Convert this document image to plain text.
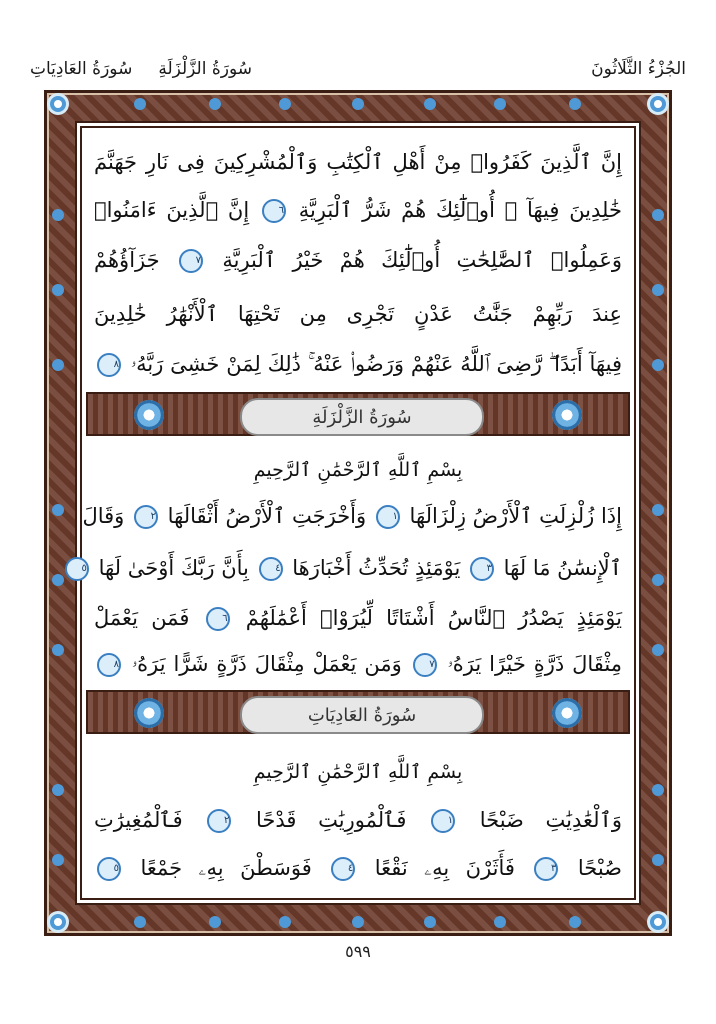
الجُزْءُ الثَّلَاثُونَ
سُورَةُ الزَّلْزَلَةِ
سُورَةُ العَادِيَاتِ
إِنَّ ٱلَّذِينَ كَفَرُوا۟ مِنْ أَهْلِ ٱلْكِتَٰبِ وَٱلْمُشْرِكِينَ فِى نَارِ جَهَنَّمَ
خَٰلِدِينَ فِيهَآ ۚ أُو۟لَٰٓئِكَ هُمْ شَرُّ ٱلْبَرِيَّةِ ٦ إِنَّ ٱلَّذِينَ ءَامَنُوا۟
وَعَمِلُوا۟ ٱلصَّٰلِحَٰتِ أُو۟لَٰٓئِكَ هُمْ خَيْرُ ٱلْبَرِيَّةِ ٧ جَزَآؤُهُمْ
عِندَ رَبِّهِمْ جَنَّٰتُ عَدْنٍ تَجْرِى مِن تَحْتِهَا ٱلْأَنْهَٰرُ خَٰلِدِينَ
فِيهَآ أَبَدًا ۖ رَّضِىَ ٱللَّهُ عَنْهُمْ وَرَضُوا۟ عَنْهُ ۚ ذَٰلِكَ لِمَنْ خَشِىَ رَبَّهُۥ ٨
سُورَةُ الزَّلْزَلَةِ
بِسْمِ ٱللَّهِ ٱلرَّحْمَٰنِ ٱلرَّحِيمِ
إِذَا زُلْزِلَتِ ٱلْأَرْضُ زِلْزَالَهَا ١ وَأَخْرَجَتِ ٱلْأَرْضُ أَثْقَالَهَا ٢ وَقَالَ
ٱلْإِنسَٰنُ مَا لَهَا ٣ يَوْمَئِذٍ تُحَدِّثُ أَخْبَارَهَا ٤ بِأَنَّ رَبَّكَ أَوْحَىٰ لَهَا ٥
يَوْمَئِذٍ يَصْدُرُ ٱلنَّاسُ أَشْتَاتًا لِّيُرَوْا۟ أَعْمَٰلَهُمْ ٦ فَمَن يَعْمَلْ
مِثْقَالَ ذَرَّةٍ خَيْرًا يَرَهُۥ ٧ وَمَن يَعْمَلْ مِثْقَالَ ذَرَّةٍ شَرًّا يَرَهُۥ ٨
سُورَةُ العَادِيَاتِ
بِسْمِ ٱللَّهِ ٱلرَّحْمَٰنِ ٱلرَّحِيمِ
وَٱلْعَٰدِيَٰتِ ضَبْحًا ١ فَٱلْمُورِيَٰتِ قَدْحًا ٢ فَٱلْمُغِيرَٰتِ
صُبْحًا ٣ فَأَثَرْنَ بِهِۦ نَقْعًا ٤ فَوَسَطْنَ بِهِۦ جَمْعًا ٥
٥٩٩
